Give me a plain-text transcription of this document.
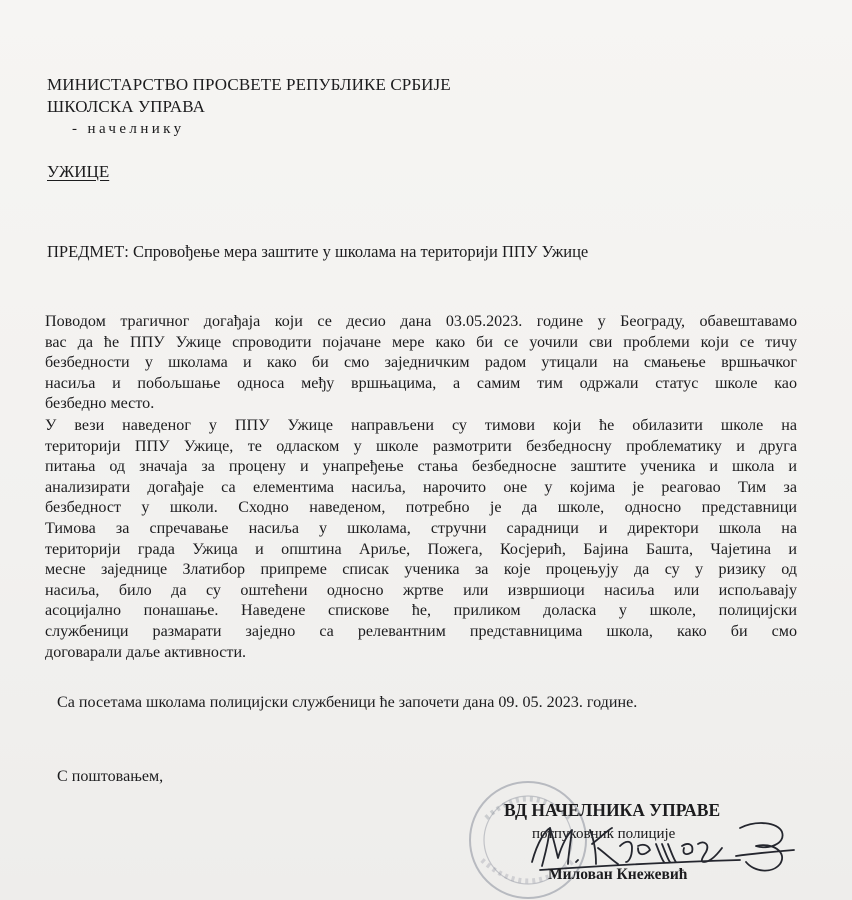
МИНИСТАРСТВО ПРОСВЕТЕ РЕПУБЛИКЕ СРБИЈЕ
ШКОЛСКА УПРАВА
- начелнику
УЖИЦЕ
ПРЕДМЕТ: Спровођење мера заштите у школама на територији ППУ Ужице
Поводом трагичног догађаја који се десио дана 03.05.2023. године у Београду, обавештавамо
вас да ће ППУ Ужице спроводити појачане мере како би се уочили сви проблеми који се тичу
безбедности у школама и како би смо заједничким радом утицали на смањење вршњачког
насиља и побољшање односа међу вршњацима, а самим тим одржали статус школе као
безбедно место.
У вези наведеног у ППУ Ужице направљени су тимови који ће обилазити школе на
територији ППУ Ужице, те одласком у школе размотрити безбедносну проблематику и друга
питања од значаја за процену и унапређење стања безбедносне заштите ученика и школа и
анализирати догађаје са елементима насиља, нарочито оне у којима је реаговао Тим за
безбедност у школи. Сходно наведеном, потребно је да школе, односно представници
Тимова за спречавање насиља у школама, стручни сарадници и директори школа на
територији града Ужица и општина Ариље, Пожега, Косјерић, Бајина Башта, Чајетина и
месне заједнице Златибор припреме списак ученика за које процењују да су у ризику од
насиља, било да су оштећени односно жртве или извршиоци насиља или испољавају
асоцијално понашање. Наведене спискове ће, приликом доласка у школе, полицијски
службеници размарати заједно са релевантним представницима школа, како би смо
договарали даље активности.
Са посетама школама полицијски службеници ће започети дана 09. 05. 2023. године.
С поштовањем,
ВД НАЧЕЛНИКА УПРАВЕ
потпуковник полиције
Милован Кнежевић
